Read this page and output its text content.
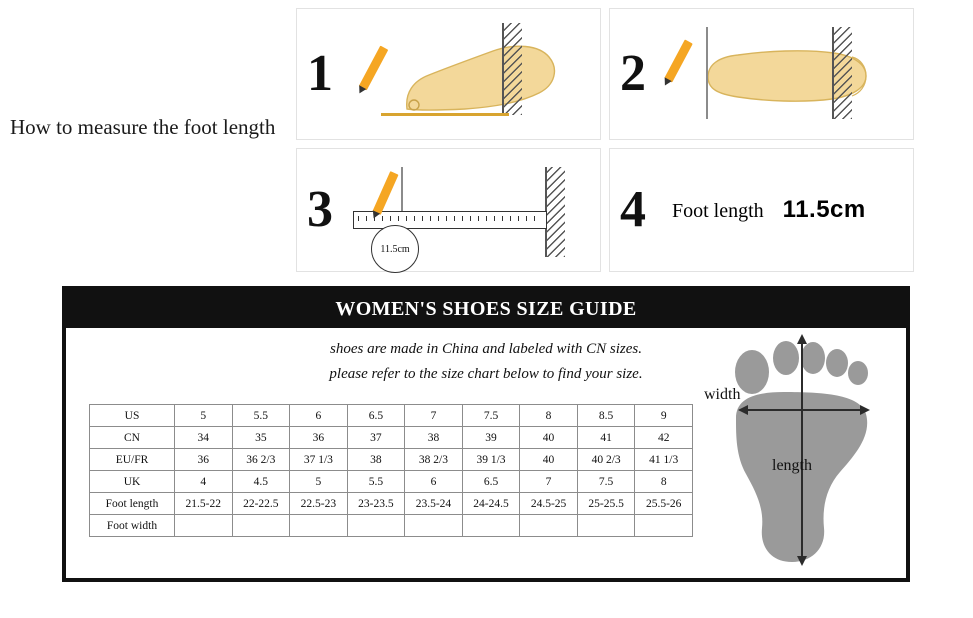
How to measure the foot length
1	2
3
11.5cm
4 Foot length 11.5cm
WOMEN'S SHOES SIZE GUIDE
shoes are made in China and labeled with CN sizes.
please refer to the size chart below to find your size.
US	5	5.5	6	6.5	7	7.5	8	8.5	9
CN	34	35	36	37	38	39	40	41	42
EU/FR	36	36 2/3	37 1/3	38	38 2/3	39 1/3	40	40 2/3	41 1/3
UK	4	4.5	5	5.5	6	6.5	7	7.5	8
Foot length	21.5-22	22-22.5	22.5-23	23-23.5	23.5-24	24-24.5	24.5-25	25-25.5	25.5-26
Foot width									
width
length
